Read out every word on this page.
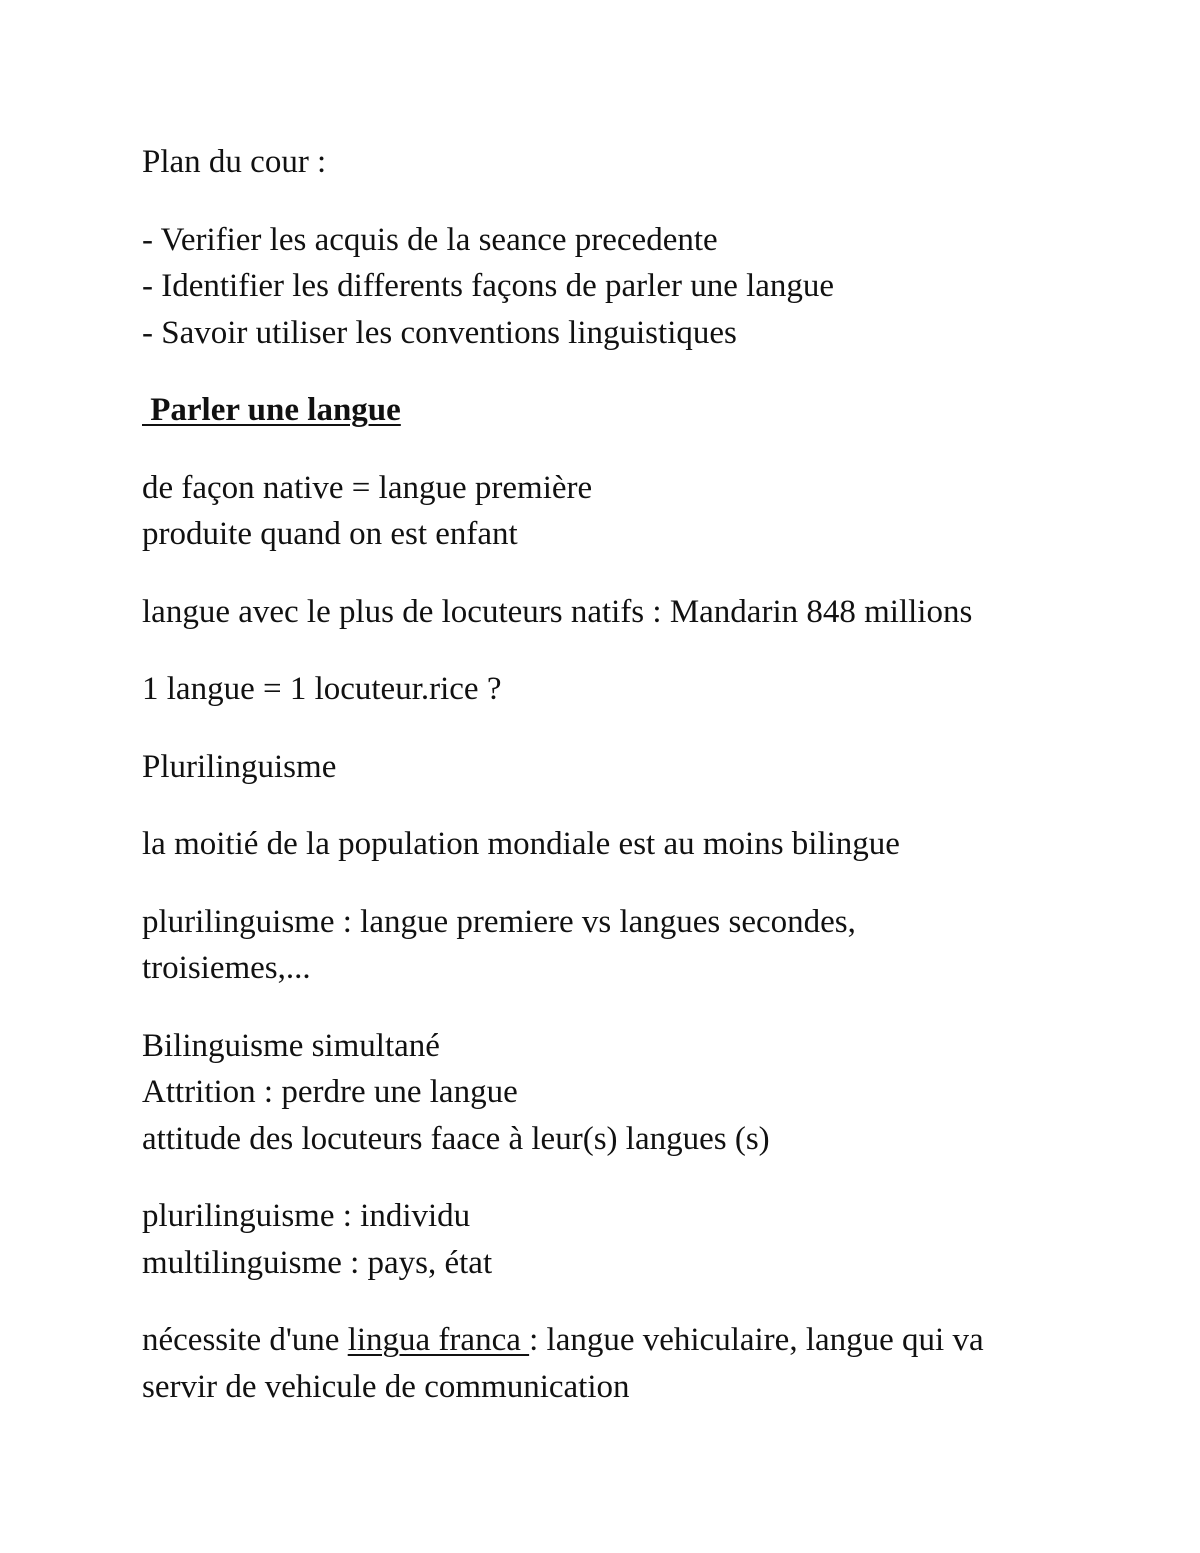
Plan du cour :
- Verifier les acquis de la seance precedente
- Identifier les differents façons de parler une langue
- Savoir utiliser les conventions linguistiques
Parler une langue
de façon native = langue première
produite quand on est enfant
langue avec le plus de locuteurs natifs : Mandarin 848 millions
1 langue = 1 locuteur.rice ?
Plurilinguisme
la moitié de la population mondiale est au moins bilingue
plurilinguisme : langue premiere vs langues secondes,
troisiemes,...
Bilinguisme simultané
Attrition : perdre une langue
attitude des locuteurs faace à leur(s) langues (s)
plurilinguisme : individu
multilinguisme : pays, état
nécessite d'une lingua franca : langue vehiculaire, langue qui va
servir de vehicule de communication
